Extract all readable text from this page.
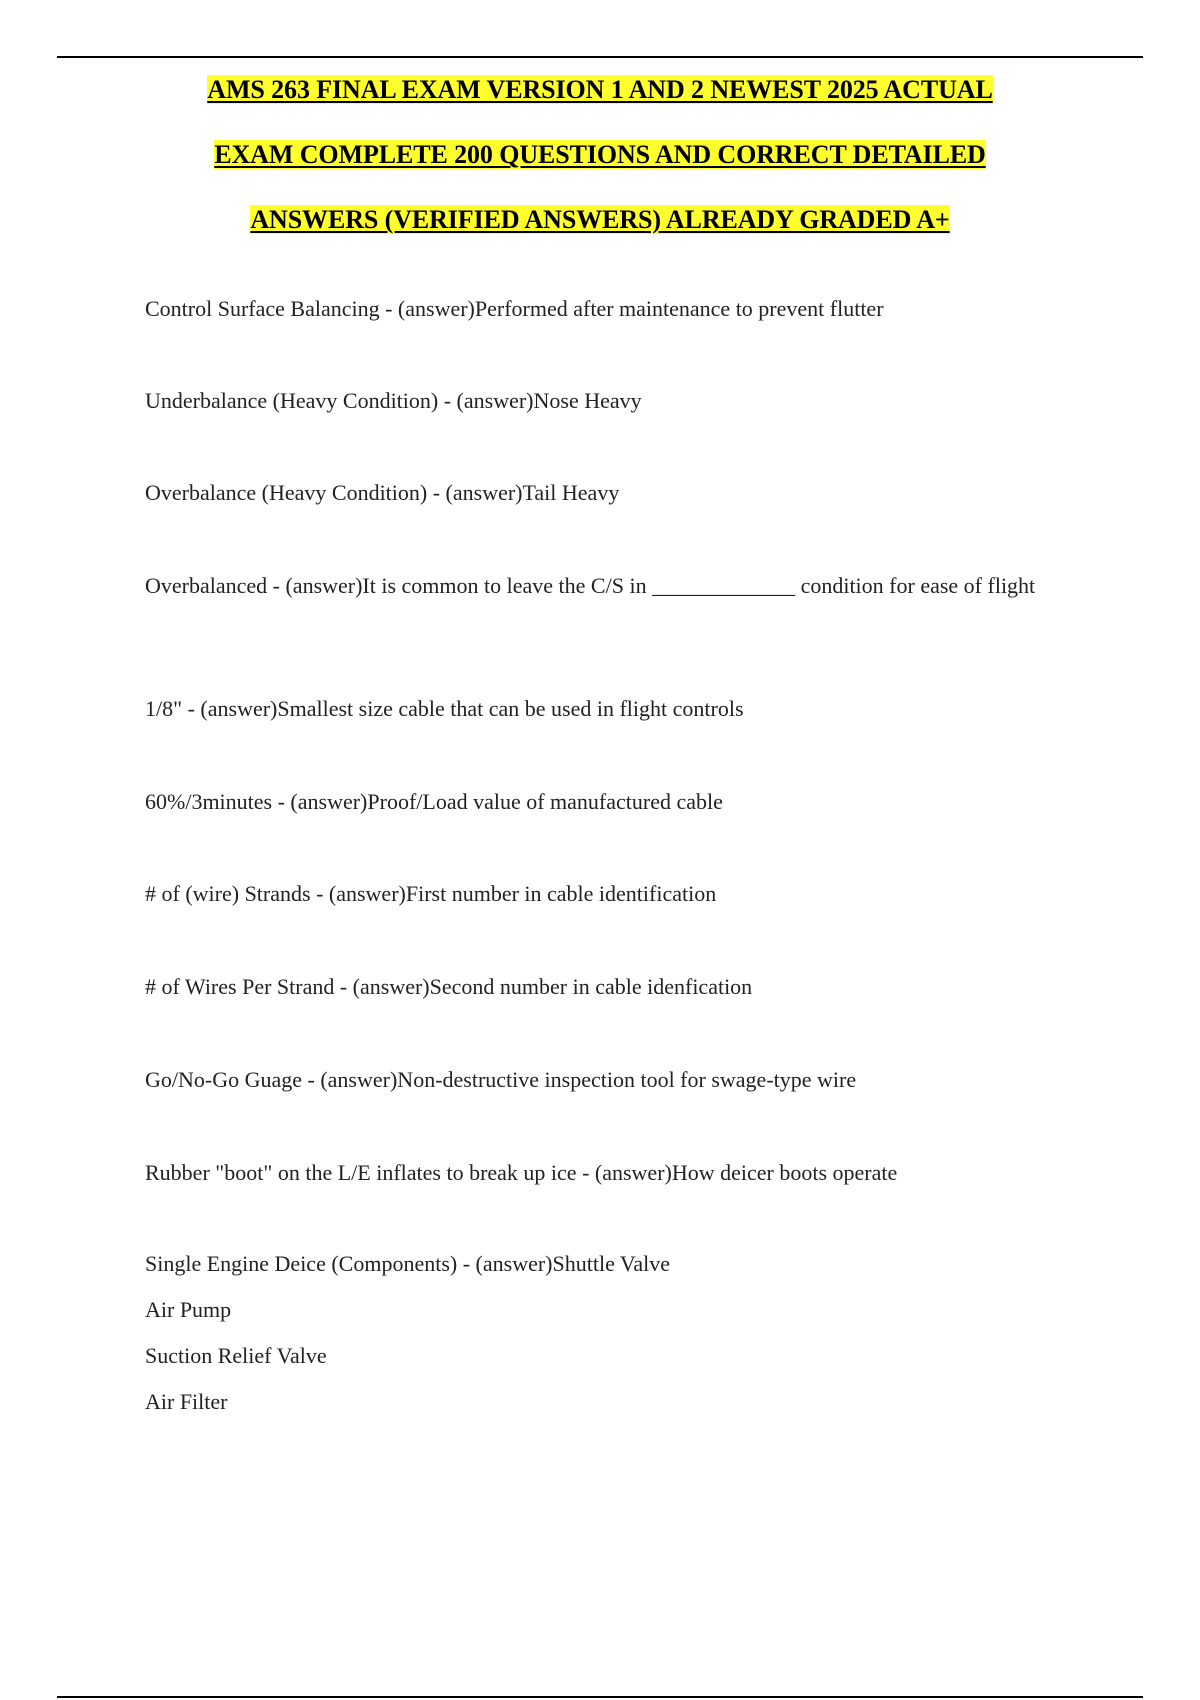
AMS 263 FINAL EXAM VERSION 1 AND 2 NEWEST 2025 ACTUAL
EXAM COMPLETE 200 QUESTIONS AND CORRECT DETAILED
ANSWERS (VERIFIED ANSWERS) ALREADY GRADED A+
Control Surface Balancing - (answer)Performed after maintenance to prevent flutter
Underbalance (Heavy Condition) - (answer)Nose Heavy
Overbalance (Heavy Condition) - (answer)Tail Heavy
Overbalanced - (answer)It is common to leave the C/S in _____________ condition for ease of flight
1/8" - (answer)Smallest size cable that can be used in flight controls
60%/3minutes - (answer)Proof/Load value of manufactured cable
# of (wire) Strands - (answer)First number in cable identification
# of Wires Per Strand - (answer)Second number in cable idenfication
Go/No-Go Guage - (answer)Non-destructive inspection tool for swage-type wire
Rubber "boot" on the L/E inflates to break up ice - (answer)How deicer boots operate
Single Engine Deice (Components) - (answer)Shuttle Valve
Air Pump
Suction Relief Valve
Air Filter
